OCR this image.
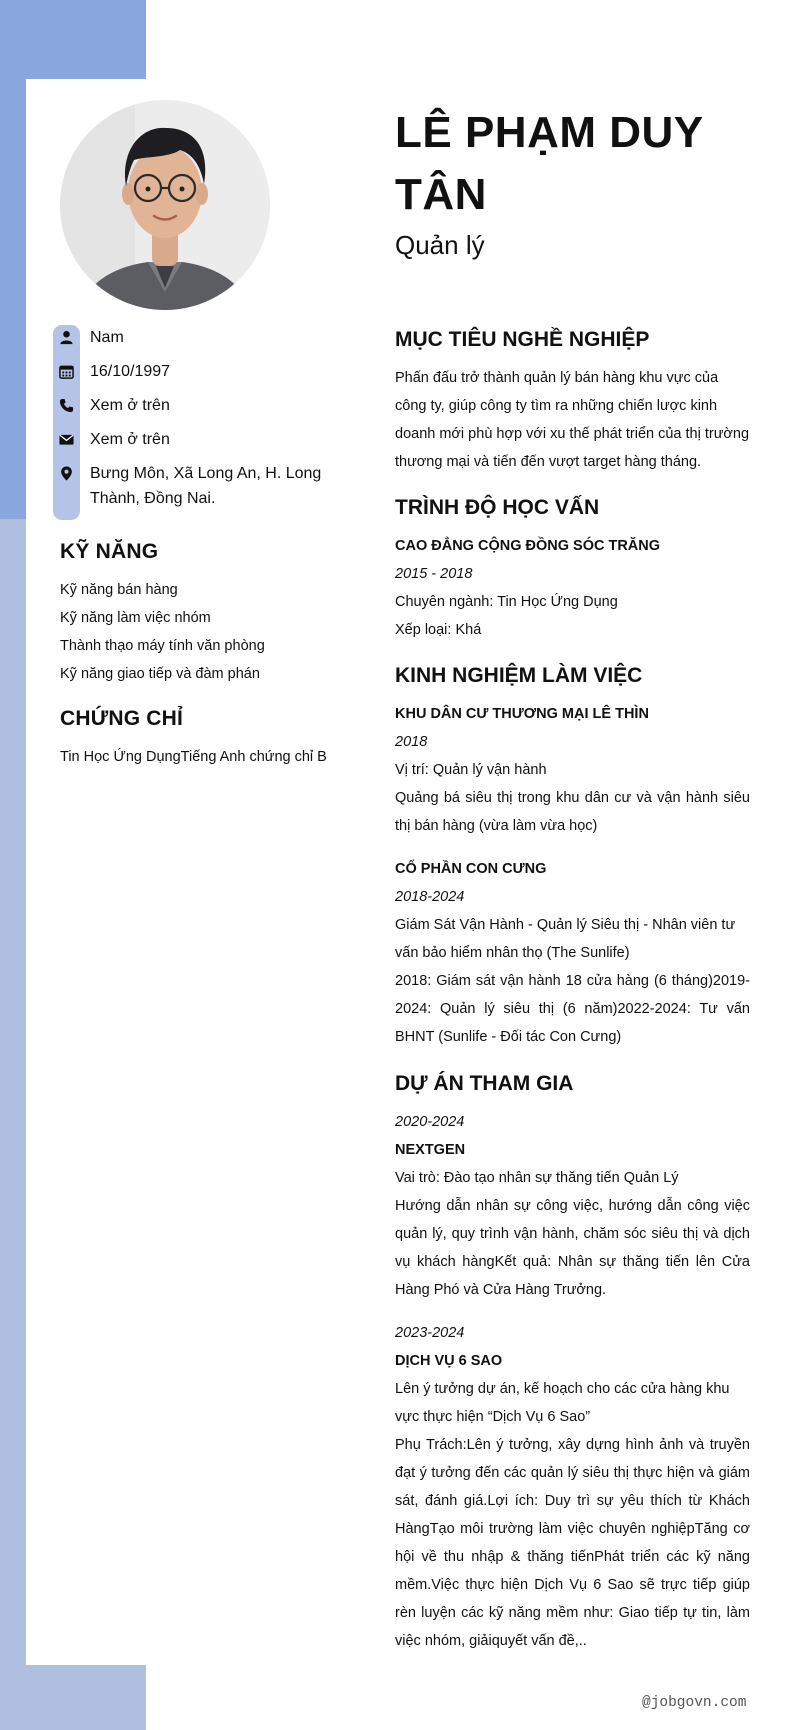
Nam
16/10/1997
Xem ở trên
Xem ở trên
Bưng Môn, Xã Long An, H. Long Thành, Đồng Nai.
KỸ NĂNG
Kỹ năng bán hàng
Kỹ năng làm việc nhóm
Thành thạo máy tính văn phòng
Kỹ năng giao tiếp và đàm phán
CHỨNG CHỈ
Tin Học Ứng DụngTiếng Anh chứng chỉ B
LÊ PHẠM DUY TÂN
Quản lý
MỤC TIÊU NGHỀ NGHIỆP
Phấn đấu trở thành quản lý bán hàng khu vực của công ty, giúp công ty tìm ra những chiến lược kinh doanh mới phù hợp với xu thế phát triển của thị trường thương mại và tiến đến vượt target hàng tháng.
TRÌNH ĐỘ HỌC VẤN
CAO ĐẲNG CỘNG ĐỒNG SÓC TRĂNG
2015 - 2018
Chuyên ngành: Tin Học Ứng Dụng
Xếp loại: Khá
KINH NGHIỆM LÀM VIỆC
KHU DÂN CƯ THƯƠNG MẠI LÊ THÌN
2018
Vị trí: Quản lý vận hành
Quảng bá siêu thị trong khu dân cư và vận hành siêu thị bán hàng (vừa làm vừa học)
CỔ PHẦN CON CƯNG
2018-2024
Giám Sát Vận Hành - Quản lý Siêu thị - Nhân viên tư vấn bảo hiểm nhân thọ (The Sunlife)
2018: Giám sát vận hành 18 cửa hàng (6 tháng)2019-2024: Quản lý siêu thị (6 năm)2022-2024: Tư vấn BHNT (Sunlife - Đối tác Con Cưng)
DỰ ÁN THAM GIA
2020-2024
NEXTGEN
Vai trò: Đào tạo nhân sự thăng tiến Quản Lý
Hướng dẫn nhân sự công việc, hướng dẫn công việc quản lý, quy trình vận hành, chăm sóc siêu thị và dịch vụ khách hàngKết quả: Nhân sự thăng tiến lên Cửa Hàng Phó và Cửa Hàng Trưởng.
2023-2024
DỊCH VỤ 6 SAO
Lên ý tưởng dự án, kế hoạch cho các cửa hàng khu vực thực hiện “Dịch Vụ 6 Sao”
Phụ Trách:Lên ý tưởng, xây dựng hình ảnh và truyền đạt ý tưởng đến các quản lý siêu thị thực hiện và giám sát, đánh giá.Lợi ích: Duy trì sự yêu thích từ Khách HàngTạo môi trường làm việc chuyên nghiệpTăng cơ hội về thu nhập & thăng tiếnPhát triển các kỹ năng mềm.Việc thực hiện Dịch Vụ 6 Sao sẽ trực tiếp giúp rèn luyện các kỹ năng mềm như: Giao tiếp tự tin, làm việc nhóm, giảiquyết vấn đề,..
@jobgovn.com
